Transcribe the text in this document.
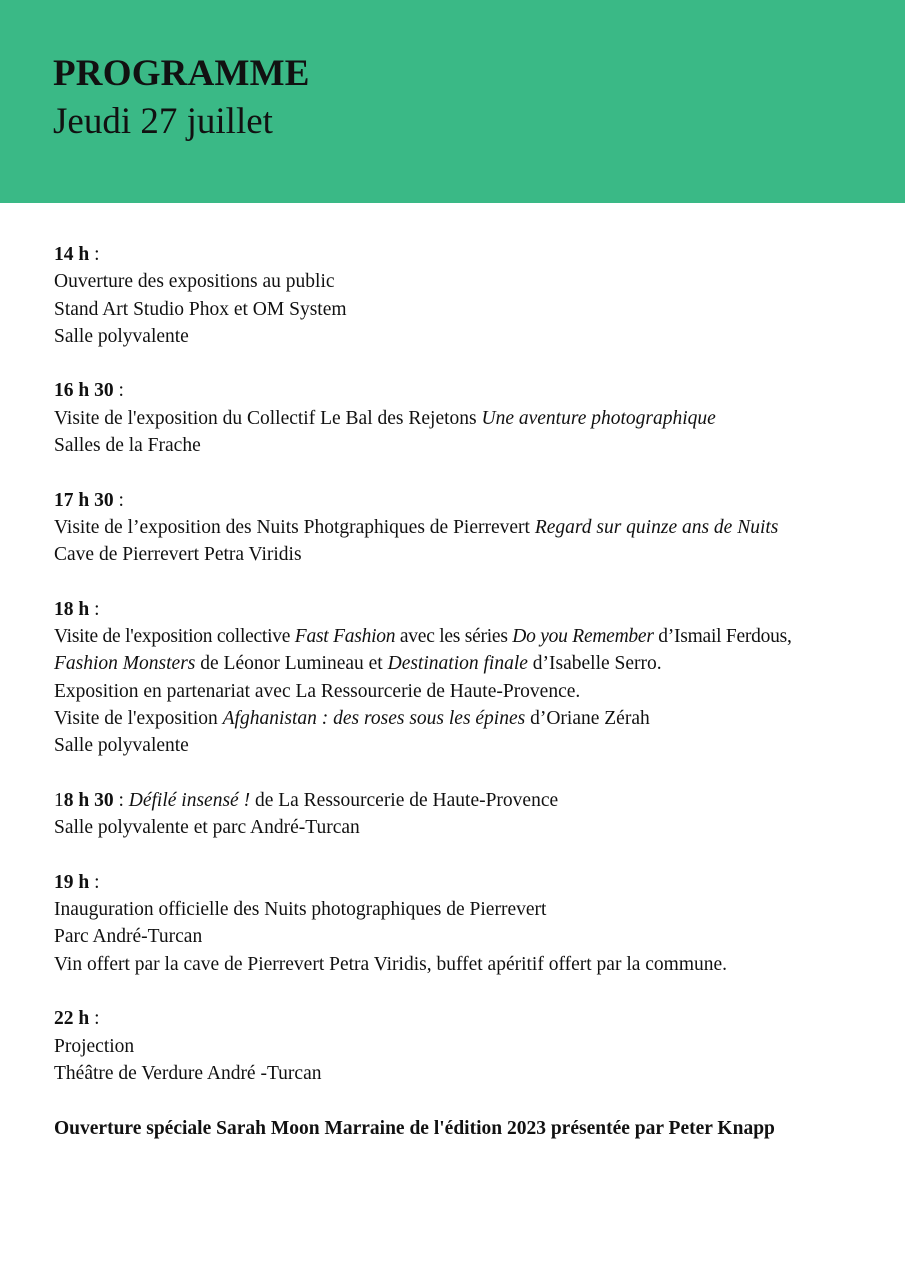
PROGRAMME
Jeudi 27 juillet
14 h :
Ouverture des expositions au public
Stand Art Studio Phox et OM System
Salle polyvalente
16 h 30 :
Visite de l'exposition du Collectif Le Bal des Rejetons Une aventure photographique
Salles de la Frache
17 h 30 :
Visite de l’exposition des Nuits Photgraphiques de Pierrevert Regard sur quinze ans de Nuits
Cave de Pierrevert Petra Viridis
18 h :
Visite de l'exposition collective Fast Fashion avec les séries Do you Remember d’Ismail Ferdous,
Fashion Monsters de Léonor Lumineau et Destination finale d’Isabelle Serro.
Exposition en partenariat avec La Ressourcerie de Haute-Provence.
Visite de l'exposition Afghanistan : des roses sous les épines d’Oriane Zérah
Salle polyvalente
18 h 30 : Défilé insensé ! de La Ressourcerie de Haute-Provence
Salle polyvalente et parc André-Turcan
19 h :
Inauguration officielle des Nuits photographiques de Pierrevert
Parc André-Turcan
Vin offert par la cave de Pierrevert Petra Viridis, buffet apéritif offert par la commune.
22 h :
Projection
Théâtre de Verdure André -Turcan
Ouverture spéciale Sarah Moon Marraine de l'édition 2023 présentée par Peter Knapp
